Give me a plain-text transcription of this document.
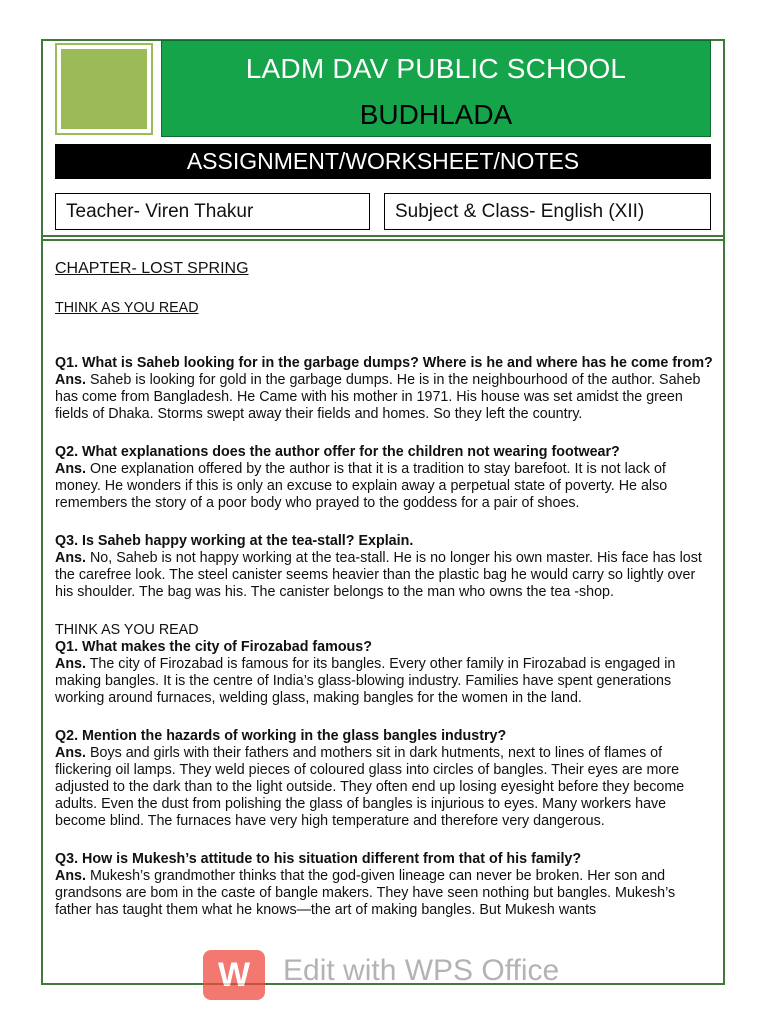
LADM DAV PUBLIC SCHOOL
BUDHLADA
ASSIGNMENT/WORKSHEET/NOTES
Teacher- Viren Thakur	Subject & Class- English (XII)

CHAPTER- LOST SPRING

THINK AS YOU READ

Q1. What is Saheb looking for in the garbage dumps? Where is he and where has he come from?

Ans. Saheb is looking for gold in the garbage dumps. He is in the neighbourhood of the author. Saheb has come from Bangladesh. He Came with his mother in 1971. His house was set amidst the green fields of Dhaka. Storms swept away their fields and homes. So they left the country.

Q2. What explanations does the author offer for the children not wearing footwear?

Ans. One explanation offered by the author is that it is a tradition to stay barefoot. It is not lack of money. He wonders if this is only an excuse to explain away a perpetual state of poverty. He also remembers the story of a poor body who prayed to the goddess for a pair of shoes.

Q3. Is Saheb happy working at the tea-stall? Explain.

Ans. No, Saheb is not happy working at the tea-stall. He is no longer his own master. His face has lost the carefree look. The steel canister seems heavier than the plastic bag he would carry so lightly over his shoulder. The bag was his. The canister belongs to the man who owns the tea -shop.

THINK AS YOU READ

Q1. What makes the city of Firozabad famous?

Ans. The city of Firozabad is famous for its bangles. Every other family in Firozabad is engaged in making bangles. It is the centre of India’s glass-blowing industry. Families have spent generations working around furnaces, welding glass, making bangles for the women in the land.

Q2. Mention the hazards of working in the glass bangles industry?

Ans. Boys and girls with their fathers and mothers sit in dark hutments, next to lines of flames of flickering oil lamps. They weld pieces of coloured glass into circles of bangles. Their eyes are more adjusted to the dark than to the light outside. They often end up losing eyesight before they become adults. Even the dust from polishing the glass of bangles is injurious to eyes. Many workers have become blind. The furnaces have very high temperature and therefore very dangerous.

Q3. How is Mukesh’s attitude to his situation different from that of his family?

Ans. Mukesh’s grandmother thinks that the god-given lineage can never be broken. Her son and grandsons are bom in the caste of bangle makers. They have seen nothing but bangles. Mukesh’s father has taught them what he knows—the art of making bangles. But Mukesh wants

W	Edit with WPS Office
